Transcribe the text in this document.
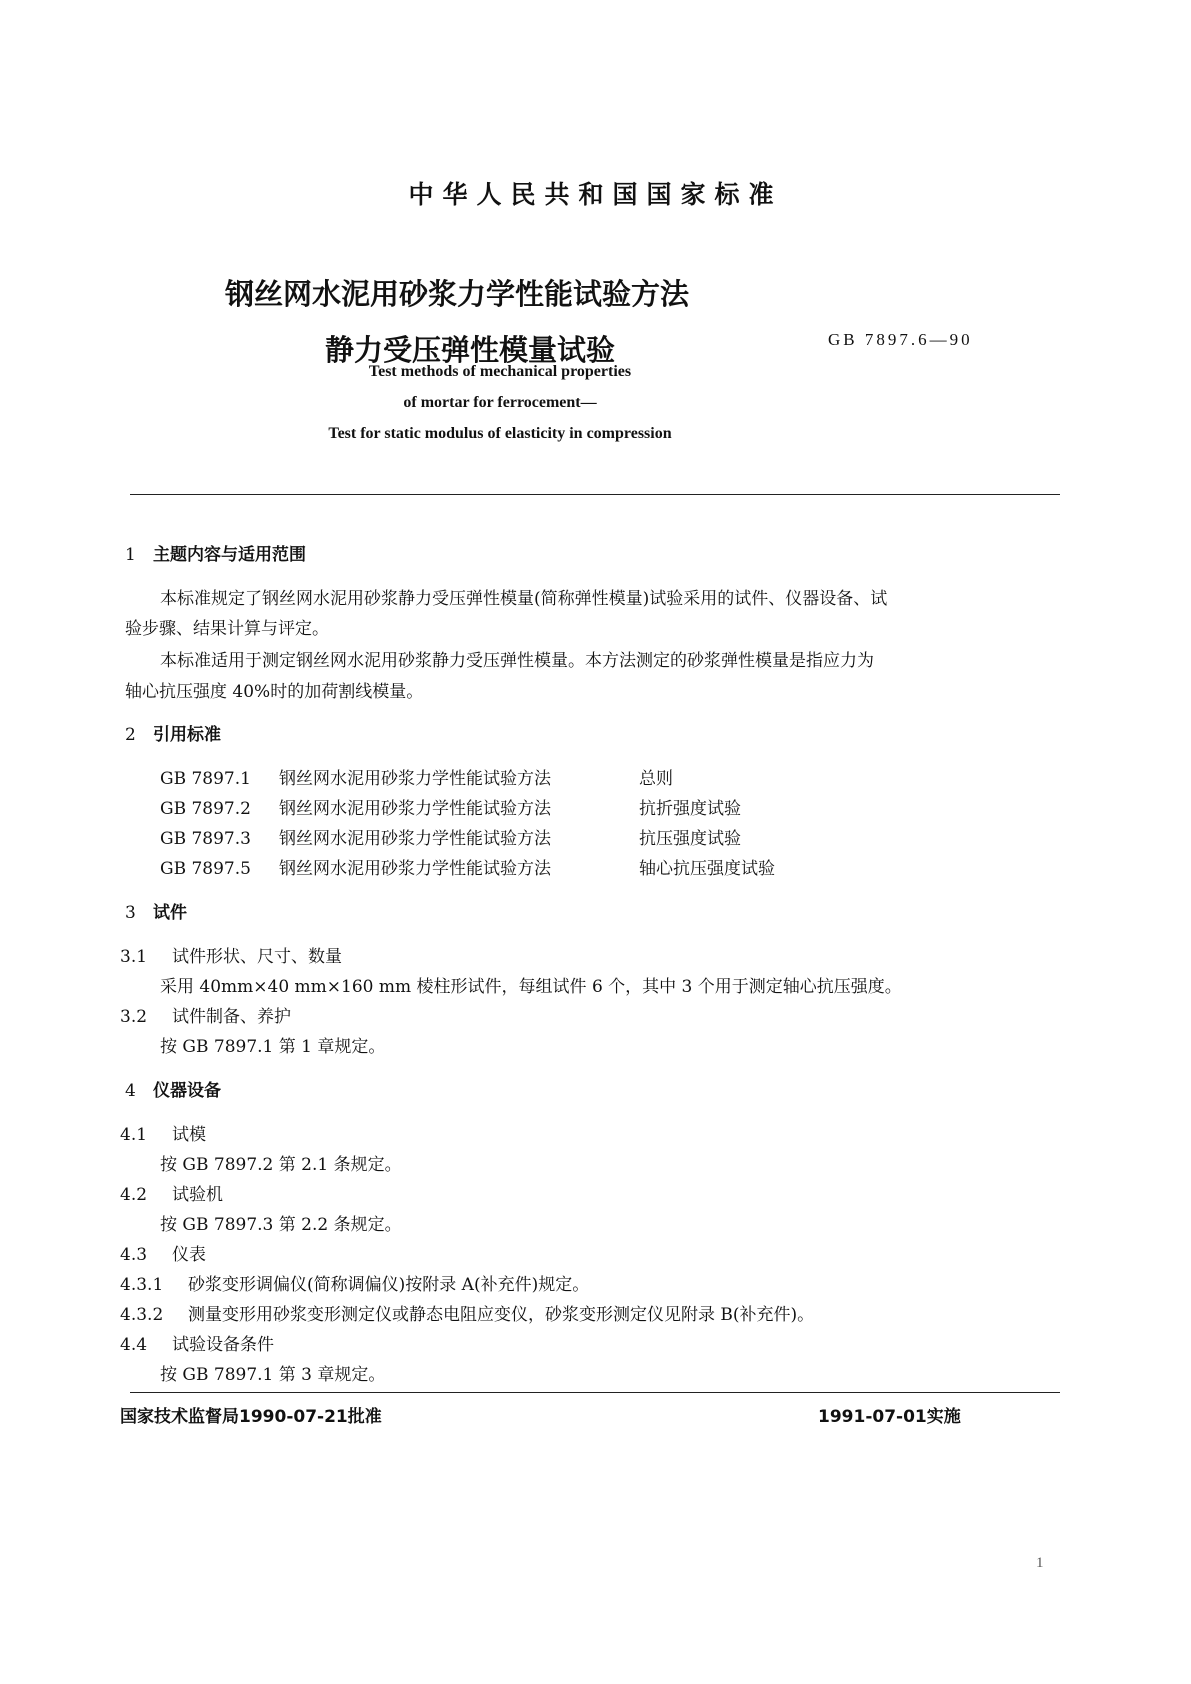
中华人民共和国国家标准
钢丝网水泥用砂浆力学性能试验方法
静力受压弹性模量试验	GB 7897.6—90
Test methods of mechanical properties
of mortar for ferrocement—
Test for static modulus of elasticity in compression
1 主题内容与适用范围
本标准规定了钢丝网水泥用砂浆静力受压弹性模量(简称弹性模量)试验采用的试件、仪器设备、试
验步骤、结果计算与评定。
本标准适用于测定钢丝网水泥用砂浆静力受压弹性模量。本方法测定的砂浆弹性模量是指应力为
轴心抗压强度 40%时的加荷割线模量。
2 引用标准
GB 7897.1 钢丝网水泥用砂浆力学性能试验方法	总则
GB 7897.2 钢丝网水泥用砂浆力学性能试验方法	抗折强度试验
GB 7897.3 钢丝网水泥用砂浆力学性能试验方法	抗压强度试验
GB 7897.5 钢丝网水泥用砂浆力学性能试验方法	轴心抗压强度试验
3 试件
3.1 试件形状、尺寸、数量
采用 40mm×40 mm×160 mm 棱柱形试件，每组试件 6 个，其中 3 个用于测定轴心抗压强度。
3.2 试件制备、养护
按 GB 7897.1 第 1 章规定。
4 仪器设备
4.1 试模
按 GB 7897.2 第 2.1 条规定。
4.2 试验机
按 GB 7897.3 第 2.2 条规定。
4.3 仪表
4.3.1 砂浆变形调偏仪(简称调偏仪)按附录 A(补充件)规定。
4.3.2 测量变形用砂浆变形测定仪或静态电阻应变仪，砂浆变形测定仪见附录 B(补充件)。
4.4 试验设备条件
按 GB 7897.1 第 3 章规定。
国家技术监督局1990-07-21批准	1991-07-01实施
1
